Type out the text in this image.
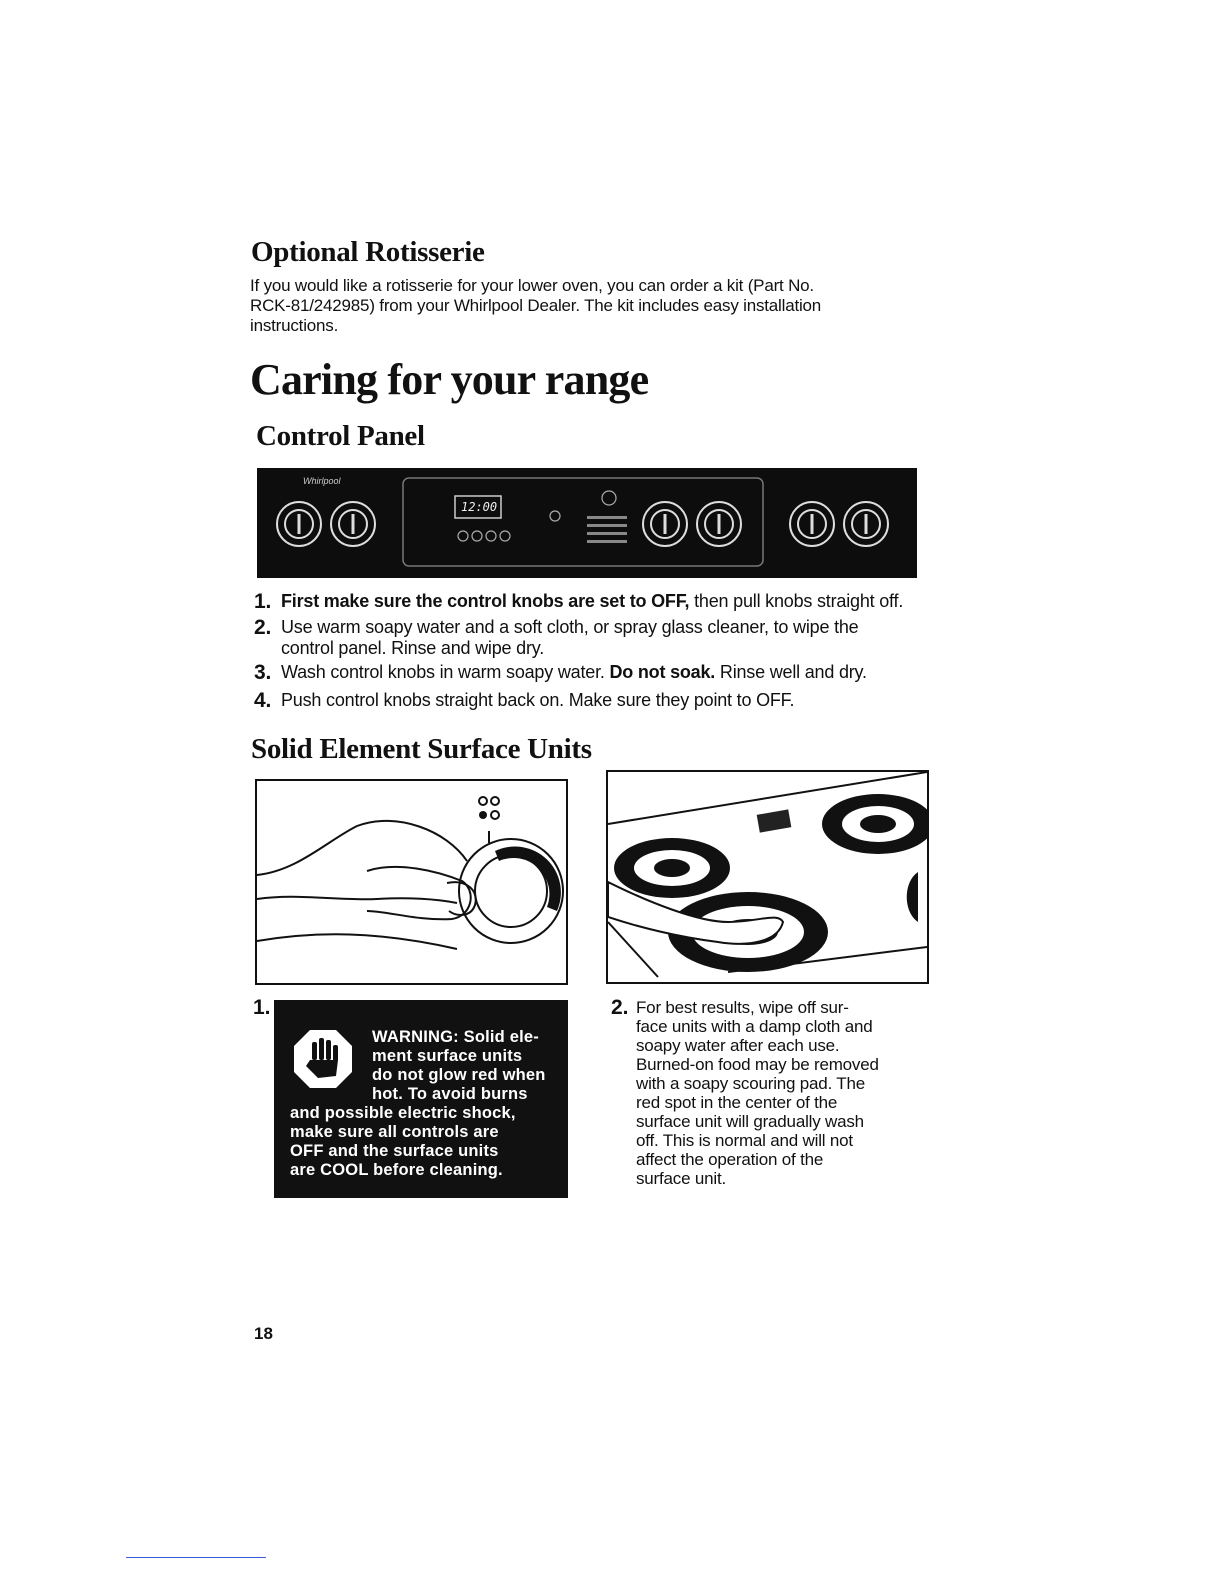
Optional Rotisserie
If you would like a rotisserie for your lower oven, you can order a kit (Part No.
RCK-81/242985) from your Whirlpool Dealer. The kit includes easy installation
instructions.
Caring for your range
Control Panel
Whirlpool
12:00
1. First make sure the control knobs are set to OFF, then pull knobs straight off.
2. Use warm soapy water and a soft cloth, or spray glass cleaner, to wipe the
control panel. Rinse and wipe dry.
3. Wash control knobs in warm soapy water. Do not soak. Rinse well and dry.
4. Push control knobs straight back on. Make sure they point to OFF.
Solid Element Surface Units
1.	2.
WARNING: Solid ele-
ment surface units
do not glow red when
hot. To avoid burns
and possible electric shock,
make sure all controls are
OFF and the surface units
are COOL before cleaning.
For best results, wipe off sur-
face units with a damp cloth and
soapy water after each use.
Burned-on food may be removed
with a soapy scouring pad. The
red spot in the center of the
surface unit will gradually wash
off. This is normal and will not
affect the operation of the
surface unit.
18
